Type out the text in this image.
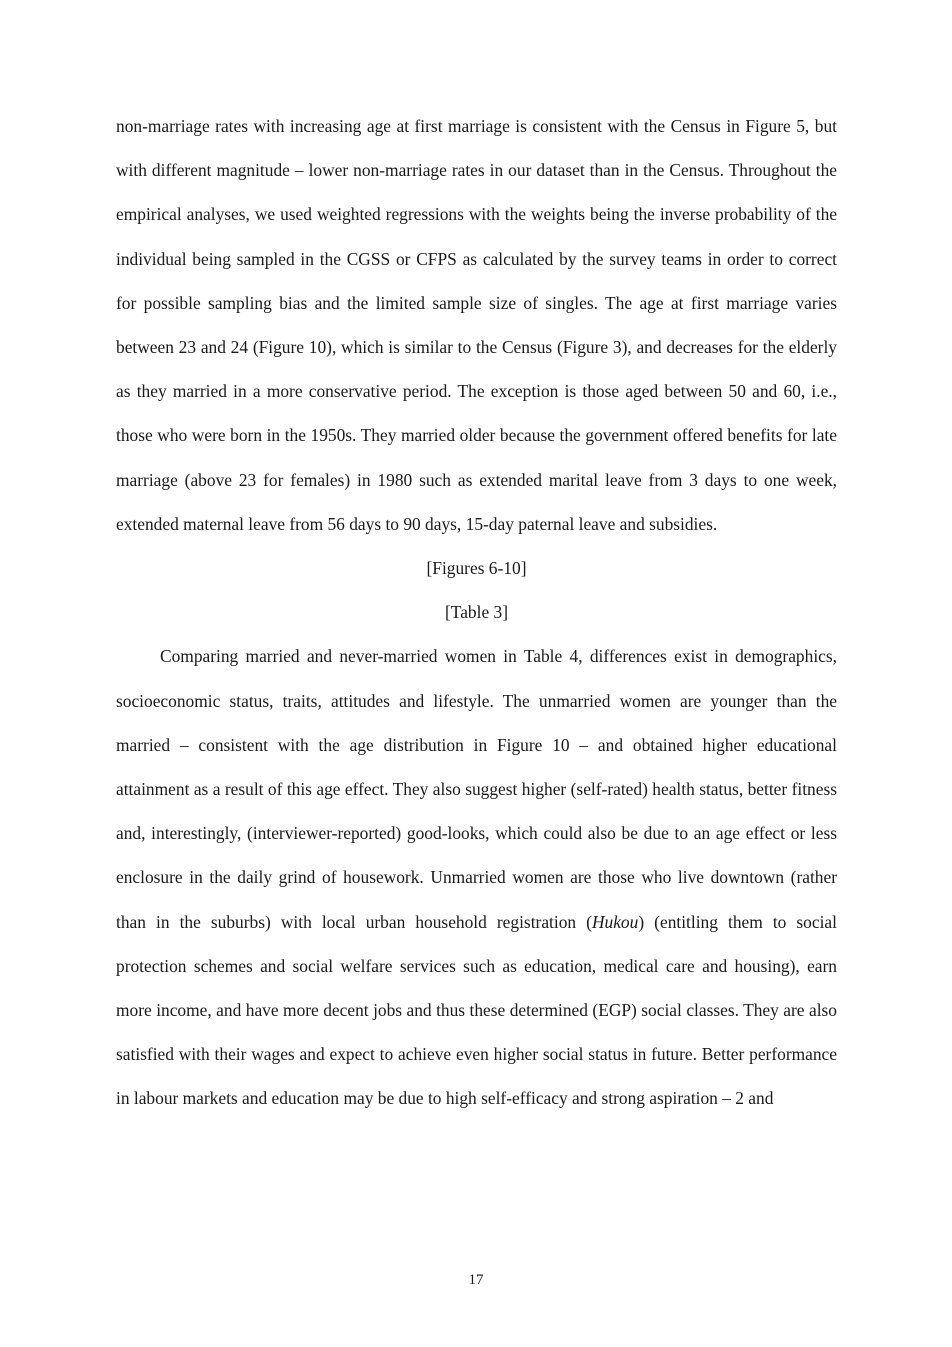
non-marriage rates with increasing age at first marriage is consistent with the Census in Figure 5, but with different magnitude – lower non-marriage rates in our dataset than in the Census. Throughout the empirical analyses, we used weighted regressions with the weights being the inverse probability of the individual being sampled in the CGSS or CFPS as calculated by the survey teams in order to correct for possible sampling bias and the limited sample size of singles. The age at first marriage varies between 23 and 24 (Figure 10), which is similar to the Census (Figure 3), and decreases for the elderly as they married in a more conservative period. The exception is those aged between 50 and 60, i.e., those who were born in the 1950s. They married older because the government offered benefits for late marriage (above 23 for females) in 1980 such as extended marital leave from 3 days to one week, extended maternal leave from 56 days to 90 days, 15-day paternal leave and subsidies.

[Figures 6-10]

[Table 3]

Comparing married and never-married women in Table 4, differences exist in demographics, socioeconomic status, traits, attitudes and lifestyle. The unmarried women are younger than the married – consistent with the age distribution in Figure 10 – and obtained higher educational attainment as a result of this age effect. They also suggest higher (self-rated) health status, better fitness and, interestingly, (interviewer-reported) good-looks, which could also be due to an age effect or less enclosure in the daily grind of housework. Unmarried women are those who live downtown (rather than in the suburbs) with local urban household registration (Hukou) (entitling them to social protection schemes and social welfare services such as education, medical care and housing), earn more income, and have more decent jobs and thus these determined (EGP) social classes. They are also satisfied with their wages and expect to achieve even higher social status in future. Better performance in labour markets and education may be due to high self-efficacy and strong aspiration – 2 and

17
